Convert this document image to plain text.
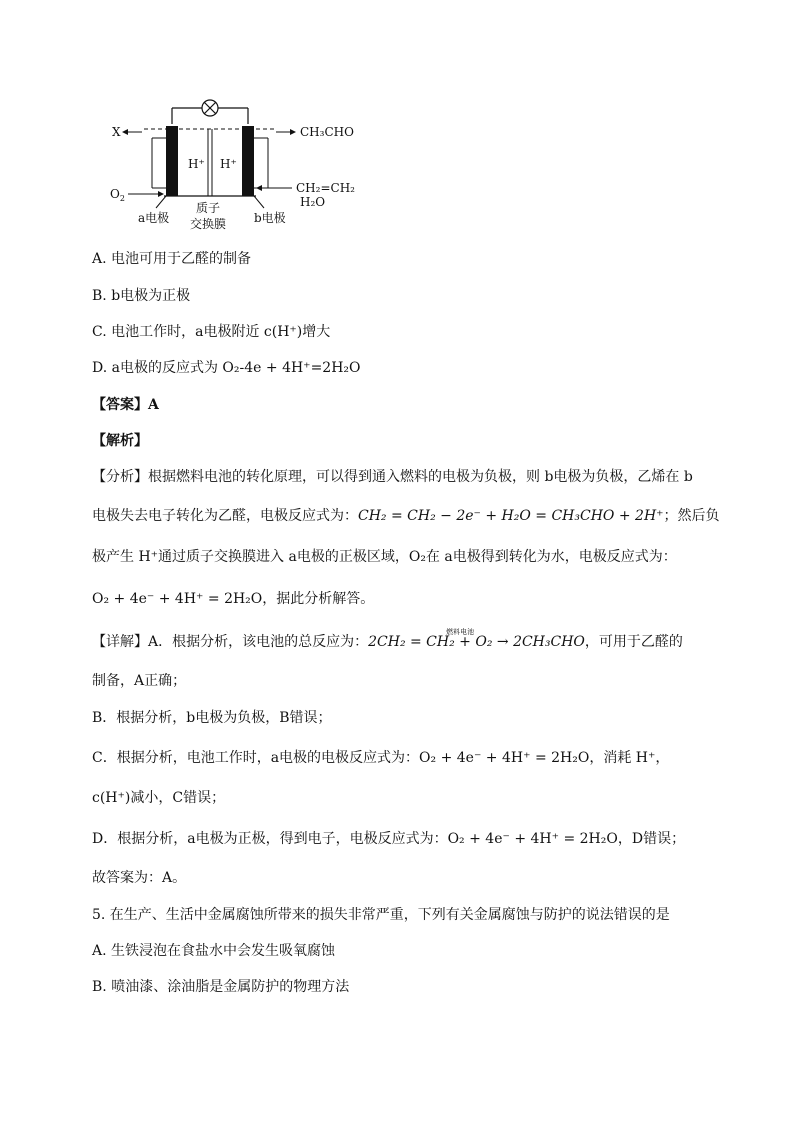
X
$O_2$
CH₃CHO
CH₂=CH₂
H₂O
H⁺ H⁺
a电极	b电极
质子
交换膜
A. 电池可用于乙醛的制备
B. b电极为正极
C. 电池工作时，a电极附近 c(H⁺)增大
D. a电极的反应式为 O₂-4e + 4H⁺=2H₂O
【答案】A
【解析】
【分析】根据燃料电池的转化原理，可以得到通入燃料的电极为负极，则 b电极为负极，乙烯在 b
电极失去电子转化为乙醛，电极反应式为：CH₂ = CH₂ − 2e⁻ + H₂O = CH₃CHO + 2H⁺；然后负
极产生 H⁺通过质子交换膜进入 a电极的正极区域，O₂在 a电极得到转化为水，电极反应式为：
O₂ + 4e⁻ + 4H⁺ = 2H₂O，据此分析解答。
【详解】A．根据分析，该电池的总反应为：2CH₂ = CH₂ + O₂ → 2CH₃CHO
燃料电池
，可用于乙醛的
制备，A正确；
B．根据分析，b电极为负极，B错误；
C．根据分析，电池工作时，a电极的电极反应式为：O₂ + 4e⁻ + 4H⁺ = 2H₂O，消耗 H⁺，
c(H⁺)减小，C错误；
D．根据分析，a电极为正极，得到电子，电极反应式为：O₂ + 4e⁻ + 4H⁺ = 2H₂O，D错误；
故答案为：A。
5. 在生产、生活中金属腐蚀所带来的损失非常严重，下列有关金属腐蚀与防护的说法错误的是
A. 生铁浸泡在食盐水中会发生吸氧腐蚀
B. 喷油漆、涂油脂是金属防护的物理方法
